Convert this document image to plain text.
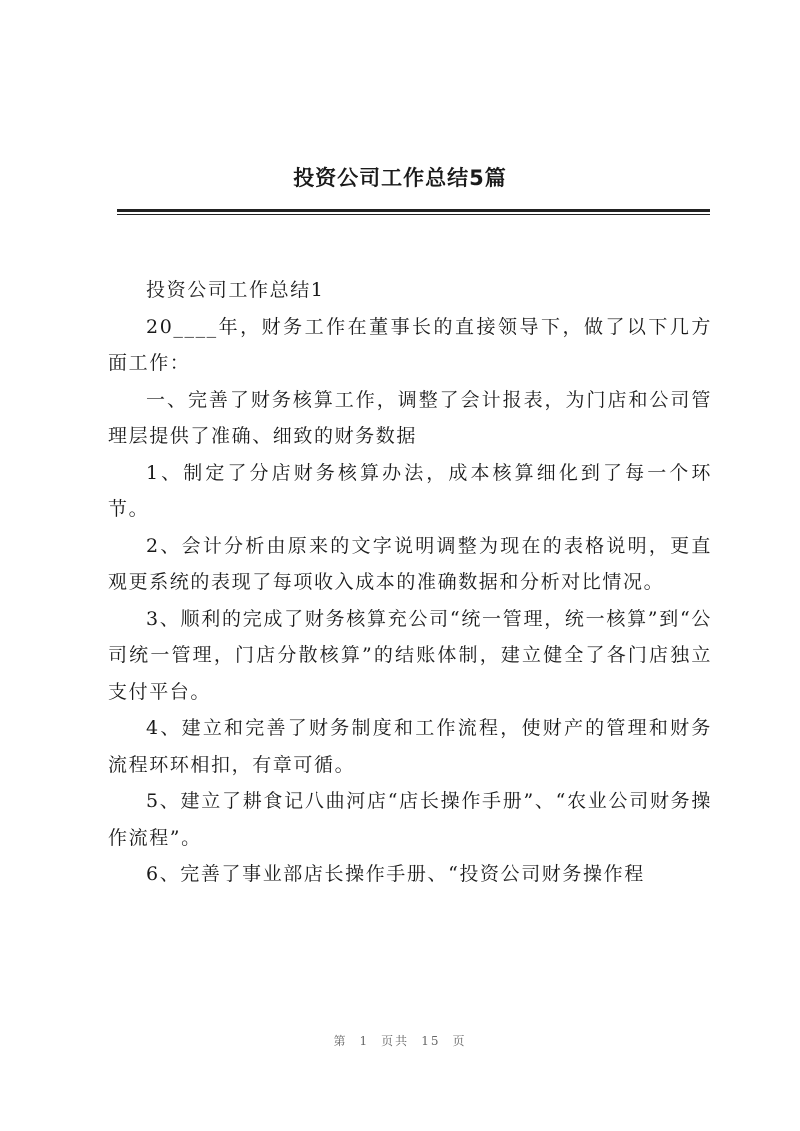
投资公司工作总结5篇

投资公司工作总结1

20____年，财务工作在董事长的直接领导下，做了以下几方面工作：

一、完善了财务核算工作，调整了会计报表，为门店和公司管理层提供了准确、细致的财务数据

1、制定了分店财务核算办法，成本核算细化到了每一个环节。

2、会计分析由原来的文字说明调整为现在的表格说明，更直观更系统的表现了每项收入成本的准确数据和分析对比情况。

3、顺利的完成了财务核算充公司“统一管理，统一核算”到“公司统一管理，门店分散核算”的结账体制，建立健全了各门店独立支付平台。

4、建立和完善了财务制度和工作流程，使财产的管理和财务流程环环相扣，有章可循。

5、建立了耕食记八曲河店“店长操作手册”、“农业公司财务操作流程”。

6、完善了事业部店长操作手册、“投资公司财务操作程

第 1 页共 15 页
